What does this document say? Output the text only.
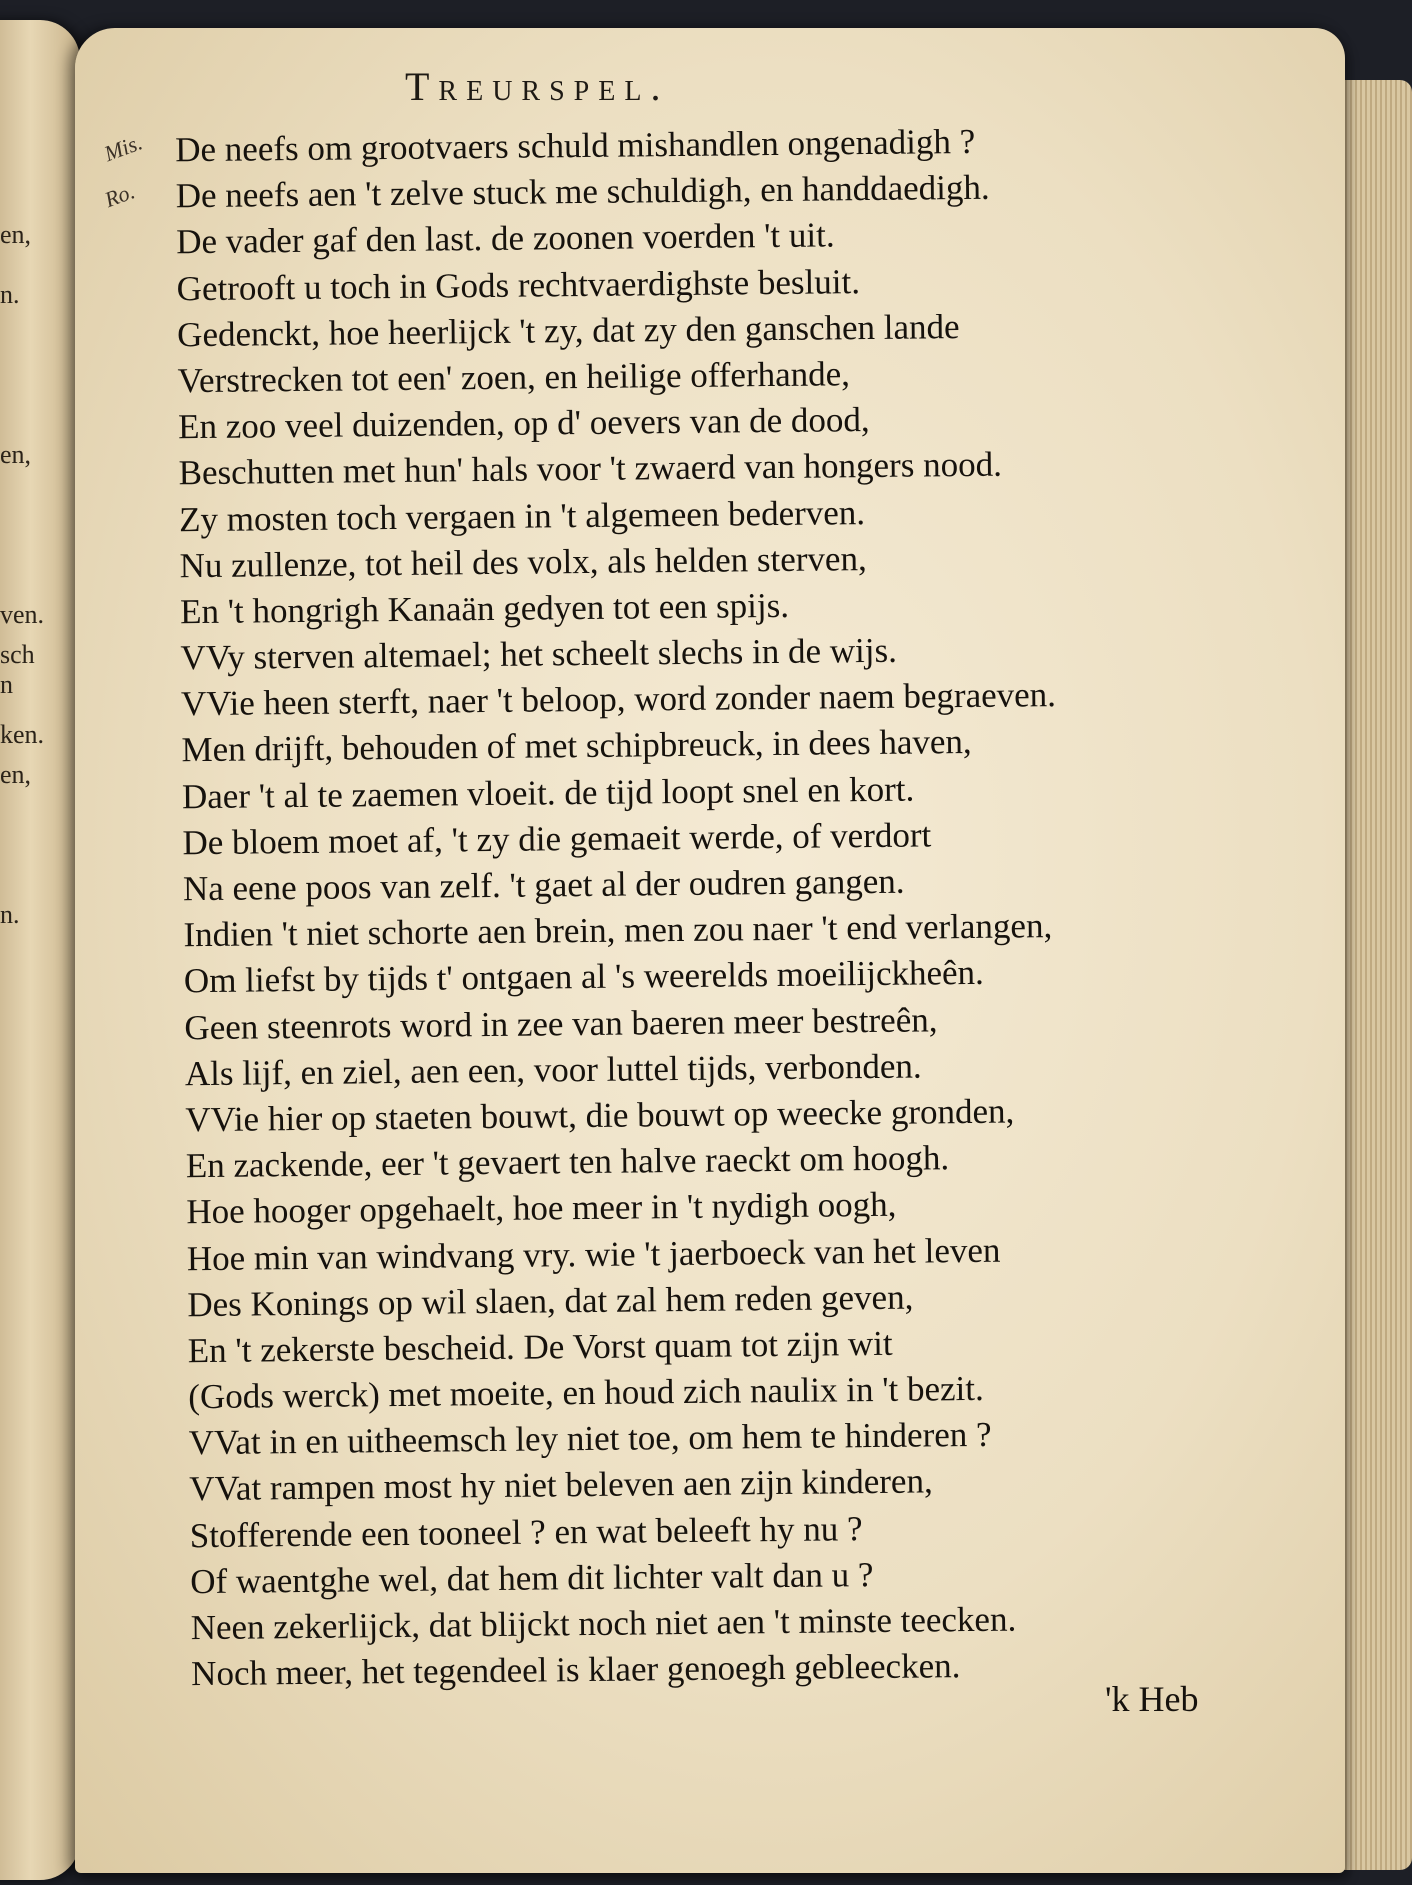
en,
n.
en,
ven.
sch
n
ken.
en,
n.
Treurspel.
Mis. De neefs om grootvaers schuld mishandlen ongenadigh ?
Ro. De neefs aen 't zelve stuck me schuldigh, en handdaedigh.
De vader gaf den last. de zoonen voerden 't uit.
Getrooft u toch in Gods rechtvaerdighste besluit.
Gedenckt, hoe heerlijck 't zy, dat zy den ganschen lande
Verstrecken tot een' zoen, en heilige offerhande,
En zoo veel duizenden, op d' oevers van de dood,
Beschutten met hun' hals voor 't zwaerd van hongers nood.
Zy mosten toch vergaen in 't algemeen bederven.
Nu zullenze, tot heil des volx, als helden sterven,
En 't hongrigh Kanaän gedyen tot een spijs.
VVy sterven altemael; het scheelt slechs in de wijs.
VVie heen sterft, naer 't beloop, word zonder naem begraeven.
Men drijft, behouden of met schipbreuck, in dees haven,
Daer 't al te zaemen vloeit. de tijd loopt snel en kort.
De bloem moet af, 't zy die gemaeit werde, of verdort
Na eene poos van zelf. 't gaet al der oudren gangen.
Indien 't niet schorte aen brein, men zou naer 't end verlangen,
Om liefst by tijds t' ontgaen al 's weerelds moeilijckheên.
Geen steenrots word in zee van baeren meer bestreên,
Als lijf, en ziel, aen een, voor luttel tijds, verbonden.
VVie hier op staeten bouwt, die bouwt op weecke gronden,
En zackende, eer 't gevaert ten halve raeckt om hoogh.
Hoe hooger opgehaelt, hoe meer in 't nydigh oogh,
Hoe min van windvang vry. wie 't jaerboeck van het leven
Des Konings op wil slaen, dat zal hem reden geven,
En 't zekerste bescheid. De Vorst quam tot zijn wit
(Gods werck) met moeite, en houd zich naulix in 't bezit.
VVat in en uitheemsch ley niet toe, om hem te hinderen ?
VVat rampen most hy niet beleven aen zijn kinderen,
Stofferende een tooneel ? en wat beleeft hy nu ?
Of waentghe wel, dat hem dit lichter valt dan u ?
Neen zekerlijck, dat blijckt noch niet aen 't minste teecken.
Noch meer, het tegendeel is klaer genoegh gebleecken.
'k Heb
